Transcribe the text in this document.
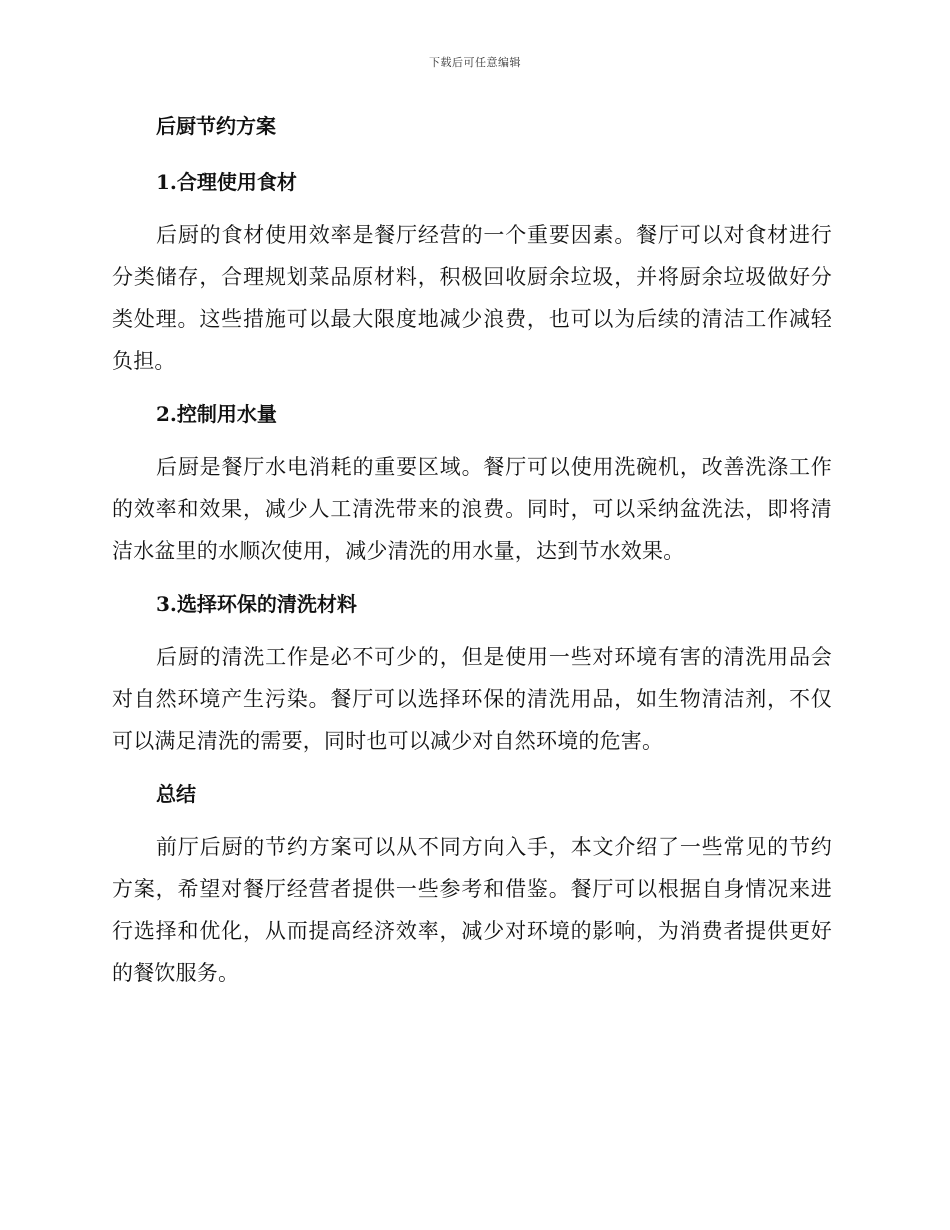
下载后可任意编辑
后厨节约方案
1.合理使用食材

后厨的食材使用效率是餐厅经营的一个重要因素。餐厅可以对食材进行分类储存，合理规划菜品原材料，积极回收厨余垃圾，并将厨余垃圾做好分类处理。这些措施可以最大限度地减少浪费，也可以为后续的清洁工作减轻负担。

2.控制用水量

后厨是餐厅水电消耗的重要区域。餐厅可以使用洗碗机，改善洗涤工作的效率和效果，减少人工清洗带来的浪费。同时，可以采纳盆洗法，即将清洁水盆里的水顺次使用，减少清洗的用水量，达到节水效果。

3.选择环保的清洗材料

后厨的清洗工作是必不可少的，但是使用一些对环境有害的清洗用品会对自然环境产生污染。餐厅可以选择环保的清洗用品，如生物清洁剂，不仅可以满足清洗的需要，同时也可以减少对自然环境的危害。

总结

前厅后厨的节约方案可以从不同方向入手，本文介绍了一些常见的节约方案，希望对餐厅经营者提供一些参考和借鉴。餐厅可以根据自身情况来进行选择和优化，从而提高经济效率，减少对环境的影响，为消费者提供更好的餐饮服务。
